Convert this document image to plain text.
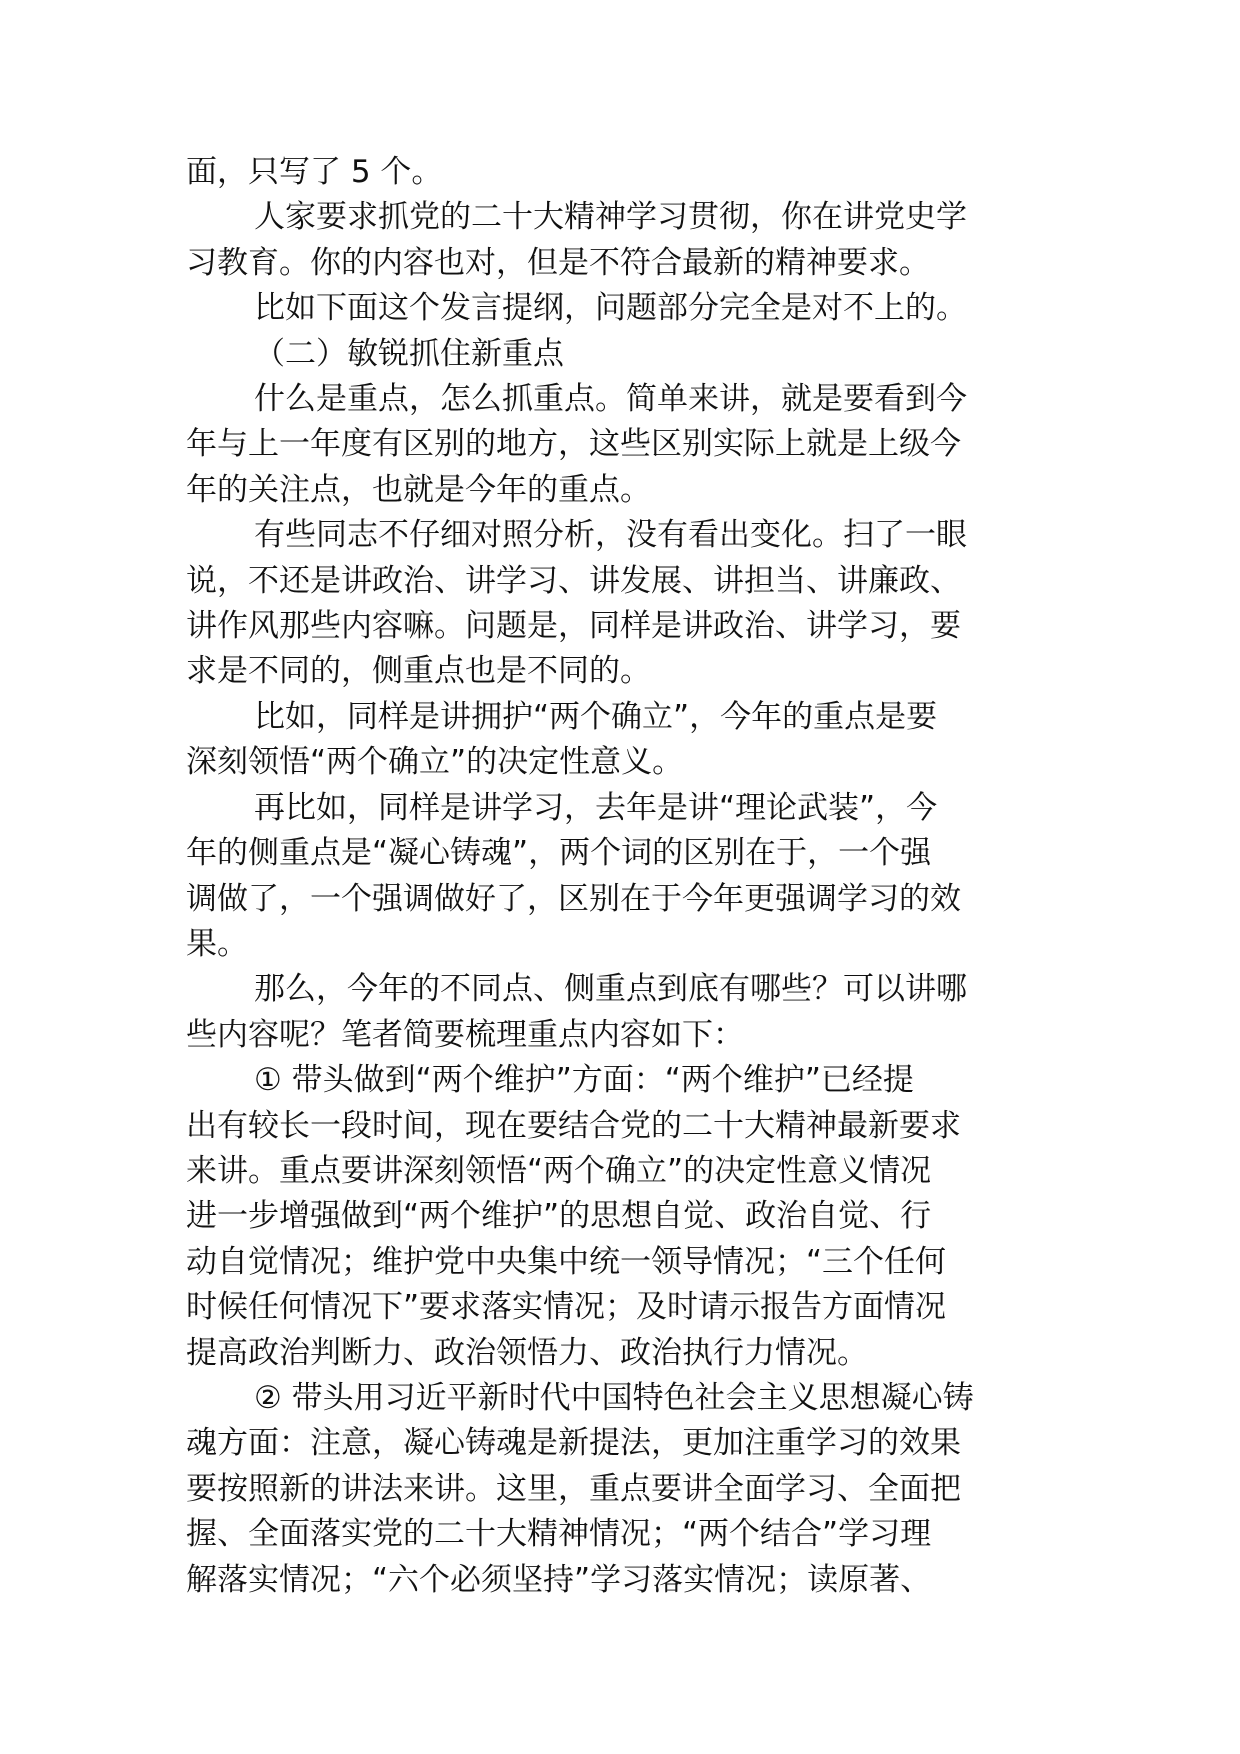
面，只写了 5 个。

人家要求抓党的二十大精神学习贯彻，你在讲党史学

习教育。你的内容也对，但是不符合最新的精神要求。

比如下面这个发言提纲，问题部分完全是对不上的。

（二）敏锐抓住新重点

什么是重点，怎么抓重点。简单来讲，就是要看到今

年与上一年度有区别的地方，这些区别实际上就是上级今

年的关注点，也就是今年的重点。

有些同志不仔细对照分析，没有看出变化。扫了一眼

说，不还是讲政治、讲学习、讲发展、讲担当、讲廉政、

讲作风那些内容嘛。问题是，同样是讲政治、讲学习，要

求是不同的，侧重点也是不同的。

比如，同样是讲拥护“两个确立”，今年的重点是要

深刻领悟“两个确立”的决定性意义。

再比如，同样是讲学习，去年是讲“理论武装”，今

年的侧重点是“凝心铸魂”，两个词的区别在于，一个强

调做了，一个强调做好了，区别在于今年更强调学习的效

果。

那么，今年的不同点、侧重点到底有哪些？可以讲哪

些内容呢？笔者简要梳理重点内容如下：

① 带头做到“两个维护”方面：“两个维护”已经提

出有较长一段时间，现在要结合党的二十大精神最新要求

来讲。重点要讲深刻领悟“两个确立”的决定性意义情况

进一步增强做到“两个维护”的思想自觉、政治自觉、行

动自觉情况；维护党中央集中统一领导情况；“三个任何

时候任何情况下”要求落实情况；及时请示报告方面情况

提高政治判断力、政治领悟力、政治执行力情况。

② 带头用习近平新时代中国特色社会主义思想凝心铸

魂方面：注意，凝心铸魂是新提法，更加注重学习的效果

要按照新的讲法来讲。这里，重点要讲全面学习、全面把

握、全面落实党的二十大精神情况；“两个结合”学习理

解落实情况；“六个必须坚持”学习落实情况；读原著、
